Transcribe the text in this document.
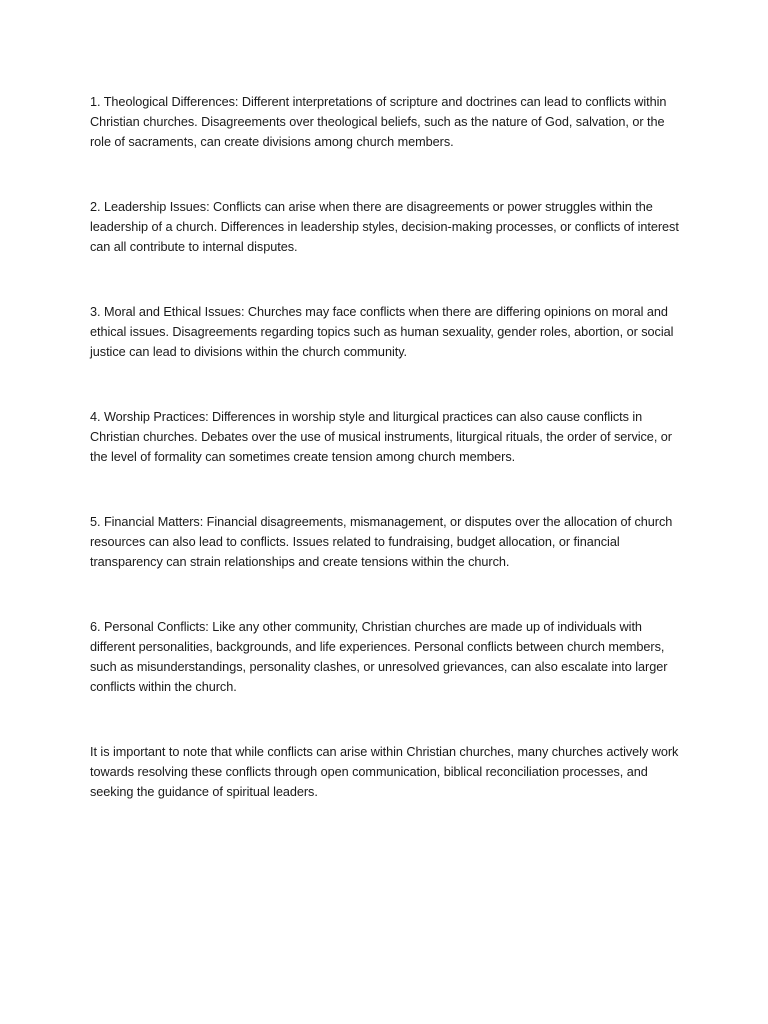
1. Theological Differences: Different interpretations of scripture and doctrines can lead to conflicts within Christian churches. Disagreements over theological beliefs, such as the nature of God, salvation, or the role of sacraments, can create divisions among church members.

2. Leadership Issues: Conflicts can arise when there are disagreements or power struggles within the leadership of a church. Differences in leadership styles, decision-making processes, or conflicts of interest can all contribute to internal disputes.

3. Moral and Ethical Issues: Churches may face conflicts when there are differing opinions on moral and ethical issues. Disagreements regarding topics such as human sexuality, gender roles, abortion, or social justice can lead to divisions within the church community.

4. Worship Practices: Differences in worship style and liturgical practices can also cause conflicts in Christian churches. Debates over the use of musical instruments, liturgical rituals, the order of service, or the level of formality can sometimes create tension among church members.

5. Financial Matters: Financial disagreements, mismanagement, or disputes over the allocation of church resources can also lead to conflicts. Issues related to fundraising, budget allocation, or financial transparency can strain relationships and create tensions within the church.

6. Personal Conflicts: Like any other community, Christian churches are made up of individuals with different personalities, backgrounds, and life experiences. Personal conflicts between church members, such as misunderstandings, personality clashes, or unresolved grievances, can also escalate into larger conflicts within the church.

It is important to note that while conflicts can arise within Christian churches, many churches actively work towards resolving these conflicts through open communication, biblical reconciliation processes, and seeking the guidance of spiritual leaders.
